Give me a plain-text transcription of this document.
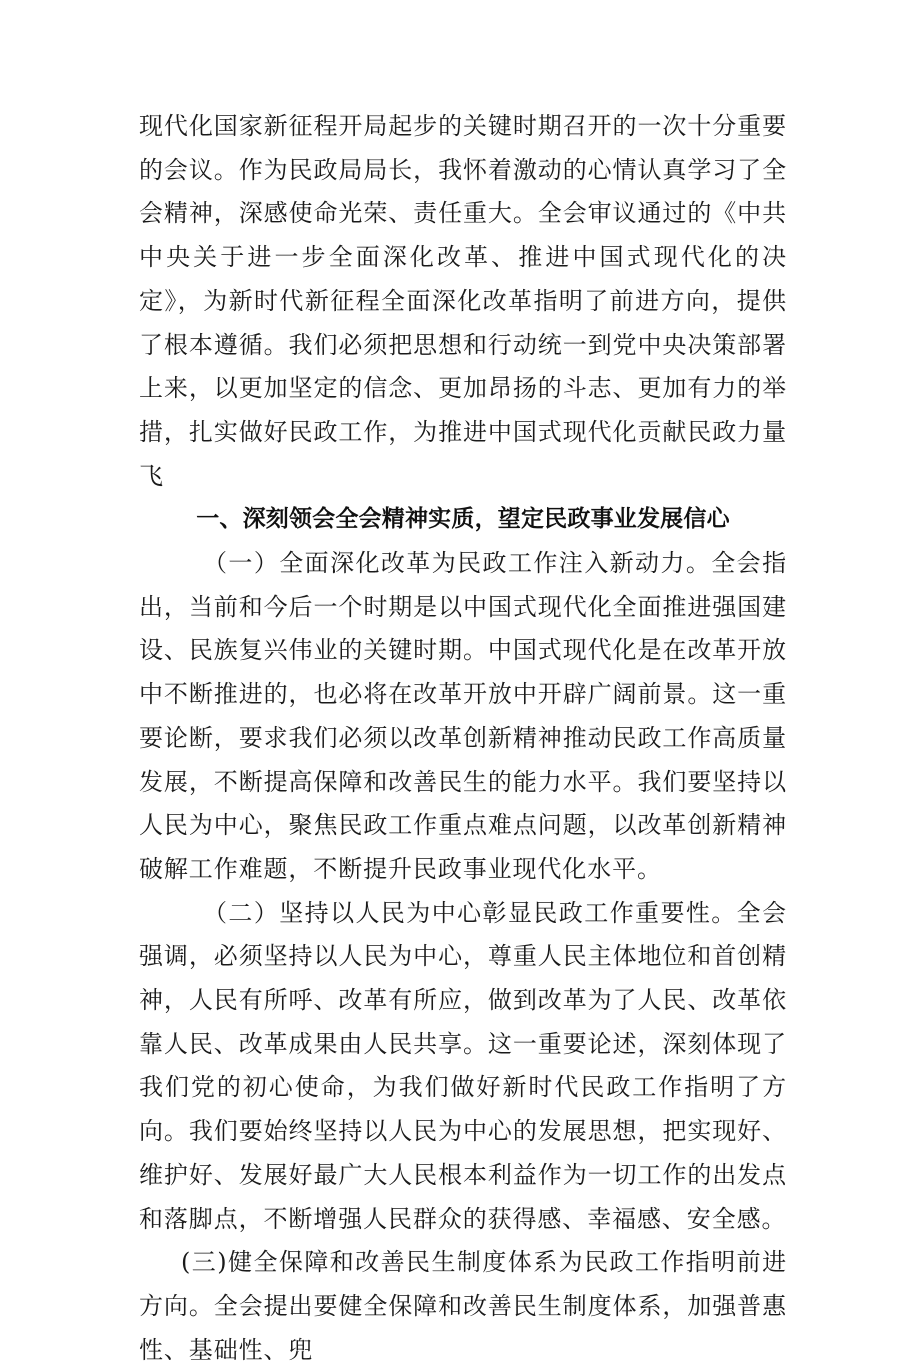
现代化国家新征程开局起步的关键时期召开的一次十分重要的会议。作为民政局局长，我怀着激动的心情认真学习了全会精神，深感使命光荣、责任重大。全会审议通过的《中共中央关于进一步全面深化改革、推进中国式现代化的决定》，为新时代新征程全面深化改革指明了前进方向，提供了根本遵循。我们必须把思想和行动统一到党中央决策部署上来，以更加坚定的信念、更加昂扬的斗志、更加有力的举措，扎实做好民政工作，为推进中国式现代化贡献民政力量飞

一、深刻领会全会精神实质，望定民政事业发展信心

（一）全面深化改革为民政工作注入新动力。全会指出，当前和今后一个时期是以中国式现代化全面推进强国建设、民族复兴伟业的关键时期。中国式现代化是在改革开放中不断推进的，也必将在改革开放中开辟广阔前景。这一重要论断，要求我们必须以改革创新精神推动民政工作高质量发展，不断提高保障和改善民生的能力水平。我们要坚持以人民为中心，聚焦民政工作重点难点问题，以改革创新精神破解工作难题，不断提升民政事业现代化水平。

（二）坚持以人民为中心彰显民政工作重要性。全会强调，必须坚持以人民为中心，尊重人民主体地位和首创精神，人民有所呼、改革有所应，做到改革为了人民、改革依靠人民、改革成果由人民共享。这一重要论述，深刻体现了我们党的初心使命，为我们做好新时代民政工作指明了方向。我们要始终坚持以人民为中心的发展思想，把实现好、维护好、发展好最广大人民根本利益作为一切工作的出发点和落脚点，不断增强人民群众的获得感、幸福感、安全感。

(三)健全保障和改善民生制度体系为民政工作指明前进方向。全会提出要健全保障和改善民生制度体系，加强普惠性、基础性、兜
